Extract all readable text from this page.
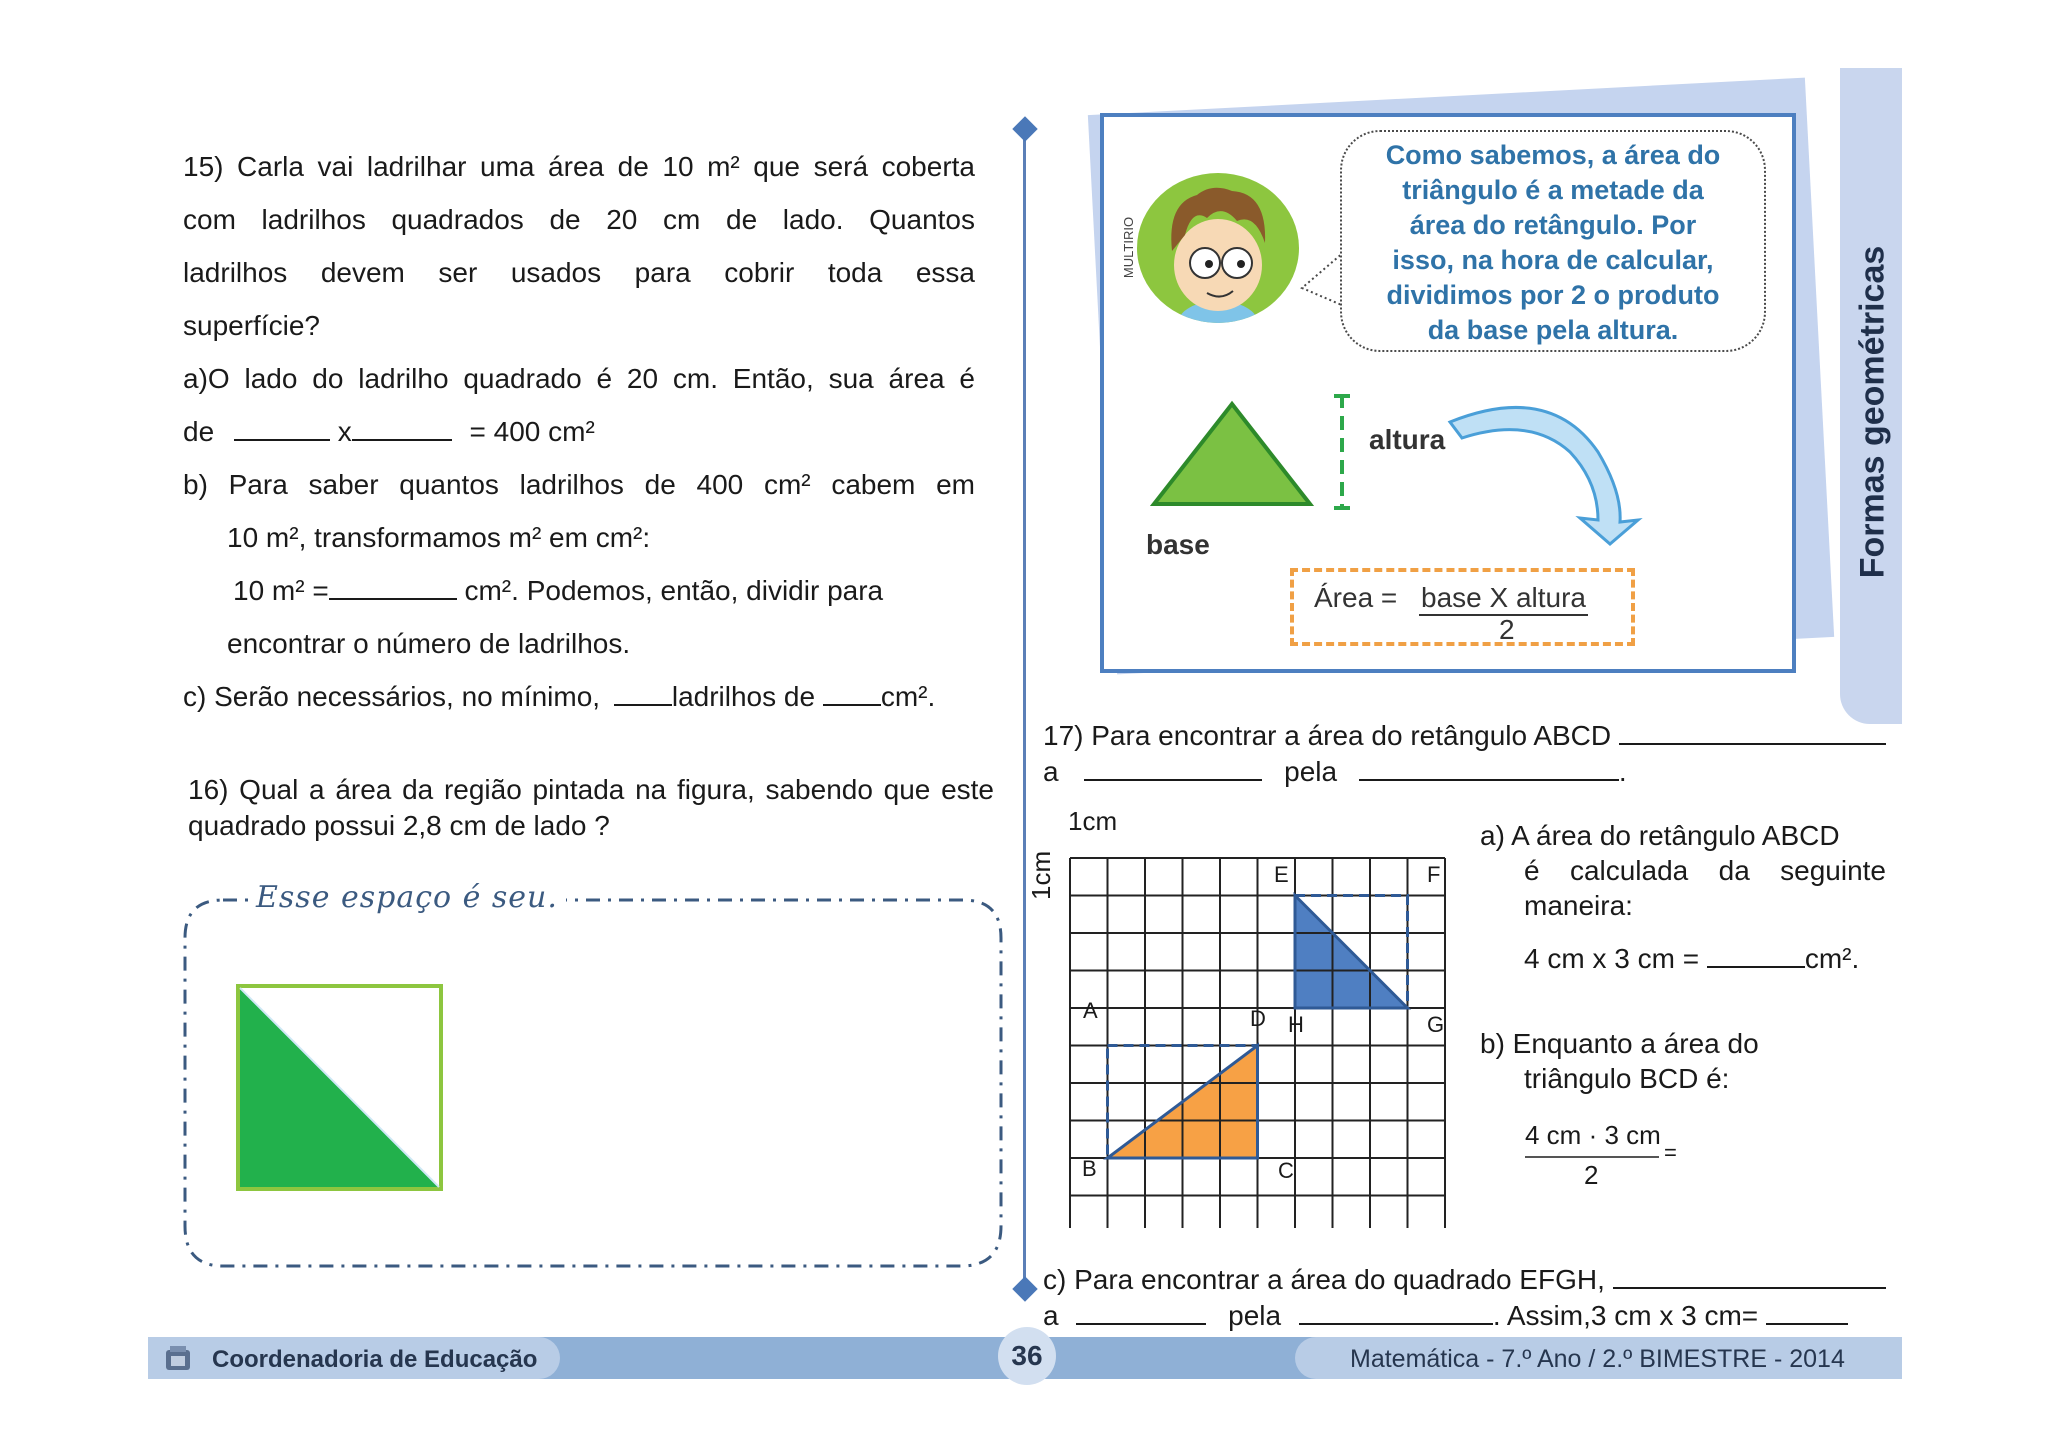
15) Carla vai ladrilhar uma área de 10 m² que será coberta
com ladrilhos quadrados de 20 cm de lado. Quantos
ladrilhos devem ser usados para cobrir toda essa
superfície?
a)O lado do ladrilho quadrado é 20 cm. Então, sua área é
de	x	= 400 cm²
b) Para saber quantos ladrilhos de 400 cm² cabem em
10 m², transformamos m² em cm²:
10 m² =	cm². Podemos, então, dividir para
encontrar o número de ladrilhos.
c) Serão necessários, no mínimo,	ladrilhos de cm².
16) Qual a área da região pintada na figura, sabendo que este quadrado possui 2,8 cm de lado ?
Esse espaço é seu.
MULTIRIO
Como sabemos, a área do
triângulo é a metade da
área do retângulo. Por
isso, na hora de calcular,
dividimos por 2 o produto
da base pela altura.
altura
base
Área = base X altura
2
Formas geométricas
17) Para encontrar a área do retângulo ABCD
a	pela	.
1cm
1cm
A
B	C
D
E	F
G
H
a) A área do retângulo ABCD
é calculada da seguinte
maneira:
4 cm x 3 cm =	cm².
b) Enquanto a área do
triângulo BCD é:
4 cm · 3 cm
2
=
c) Para encontrar a área do quadrado EFGH,
a	pela	. Assim,3 cm x 3 cm=
Coordenadoria de Educação	36	Matemática - 7.º Ano / 2.º BIMESTRE - 2014
